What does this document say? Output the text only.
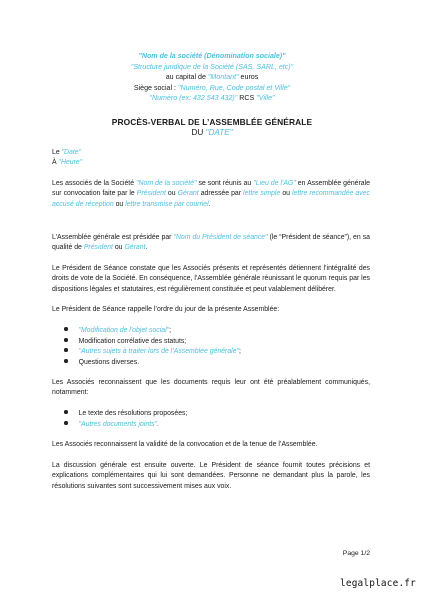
"Nom de la société (Dénomination sociale)"
"Structure juridique de la Société (SAS, SARL, etc)"
au capital de "Montant" euros
Siège social : "Numéro, Rue, Code postal et Ville"
"Numéro (ex: 432 543 432)" RCS "Ville"
PROCÈS-VERBAL DE L’ASSEMBLÉE GÉNÉRALE
DU "DATE"
Le "Date"
À "Heure"
Les associés de la Société "Nom de la société" se sont réunis au "Lieu de l'AG" en Assemblée générale sur convocation faite par le Président ou Gérant adressée par lettre simple ou lettre recommandée avec accusé de réception ou lettre transmise par courriel.
L’Assemblée générale est présidée par "Nom du Président de séance" (le “Président de séance”), en sa qualité de Président ou Gérant.
Le Président de Séance constate que les Associés présents et représentés détiennent l’intégralité des droits de vote de la Société. En conséquence, l’Assemblée générale réunissant le quorum requis par les dispositions légales et statutaires, est régulièrement constituée et peut valablement délibérer.
Le Président de Séance rappelle l’ordre du jour de la présente Assemblée:
"Modification de l'objet social";
Modification corrélative des statuts;
"Autres sujets à traiter lors de l’Assemblée générale";
Questions diverses.
Les Associés reconnaissent que les documents requis leur ont été préalablement communiqués, notamment:
Le texte des résolutions proposées;
"Autres documents joints".
Les Associés reconnaissent la validité de la convocation et de la tenue de l’Assemblée.
La discussion générale est ensuite ouverte. Le Président de séance fournit toutes précisions et explications complémentaires qui lui sont demandées. Personne ne demandant plus la parole, les résolutions suivantes sont successivement mises aux voix.
Page 1/2
legalplace.fr
